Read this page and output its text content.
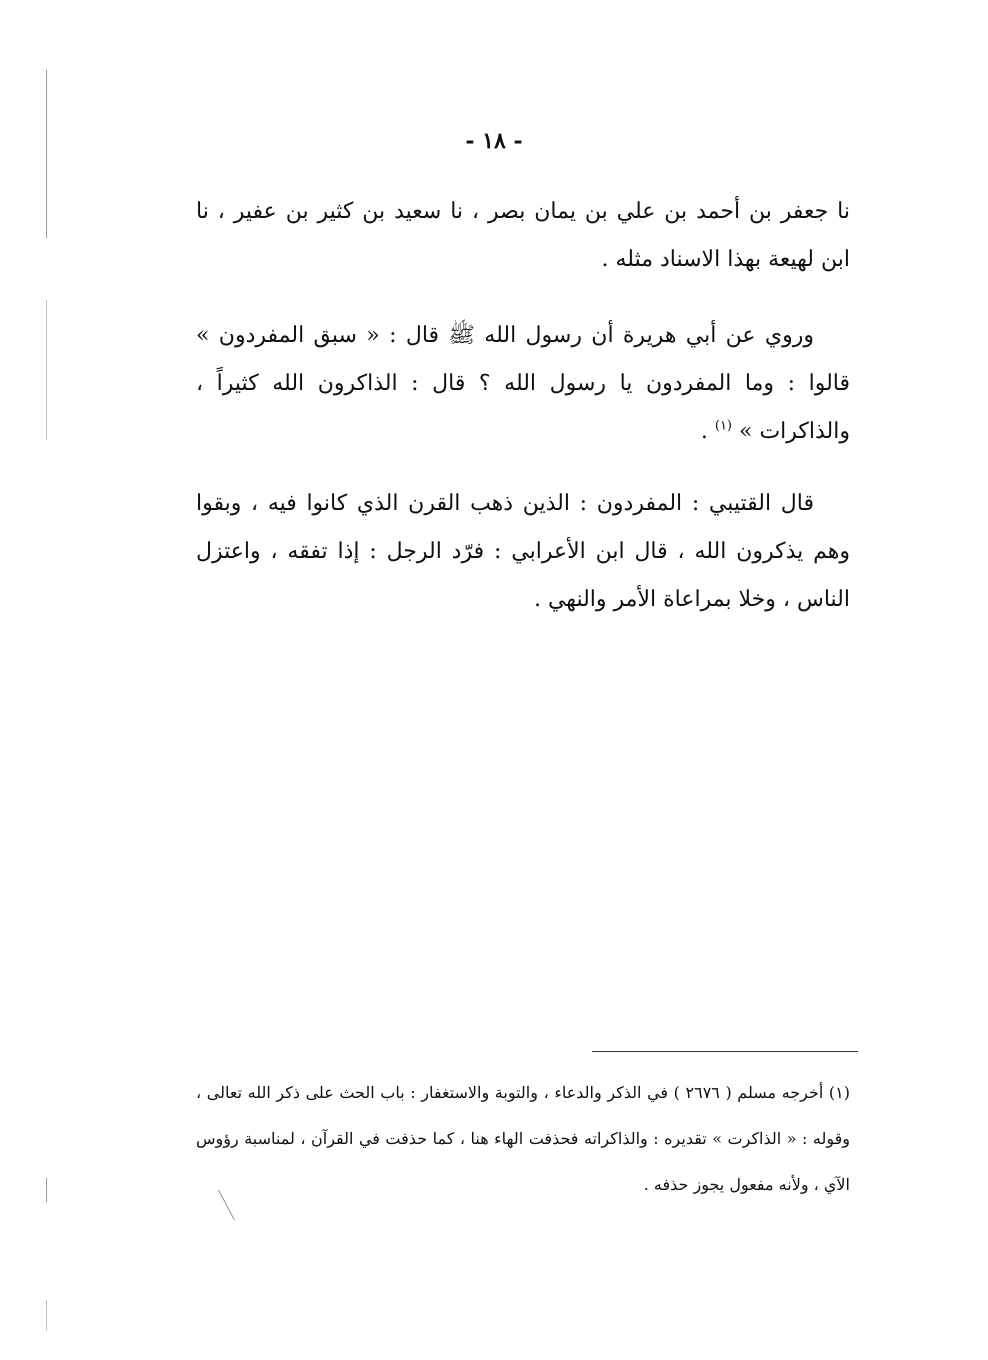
- ١٨ -

نا جعفر بن أحمد بن علي بن يمان بصر ، نا سعيد بن كثير بن عفير ، نا ابن لهيعة بهذا الاسناد مثله .

وروي عن أبي هريرة أن رسول الله ﷺ قال : « سبق المفردون » قالوا : وما المفردون يا رسول الله ؟ قال : الذاكرون الله كثيراً ، والذاكرات » $^{(١)}$ .

قال القتيبي : المفردون : الذين ذهب القرن الذي كانوا فيه ، وبقوا وهم يذكرون الله ، قال ابن الأعرابي : فرّد الرجل : إذا تفقه ، واعتزل الناس ، وخلا بمراعاة الأمر والنهي .

(١) أخرجه مسلم ( ٢٦٧٦ ) في الذكر والدعاء ، والتوبة والاستغفار : باب الحث على ذكر الله تعالى ، وقوله : « الذاكرت » تقديره : والذاكراته فحذفت الهاء هنا ، كما حذفت في القرآن ، لمناسبة رؤوس الآي ، ولأنه مفعول يجوز حذفه .
